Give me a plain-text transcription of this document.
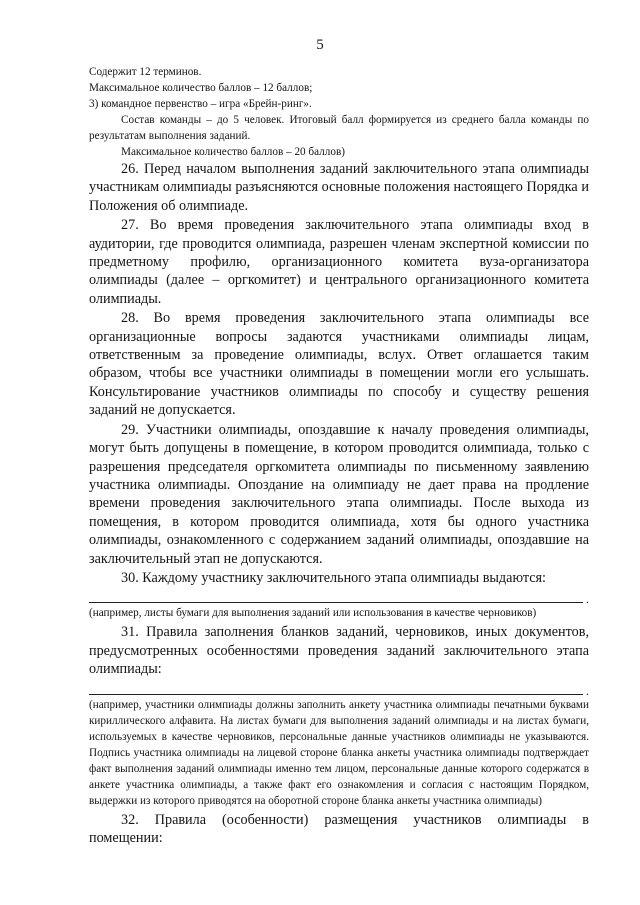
5

Содержит 12 терминов.

Максимальное количество баллов – 12 баллов;

3) командное первенство – игра «Брейн-ринг».

Состав команды – до 5 человек. Итоговый балл формируется из среднего балла команды по результатам выполнения заданий.

Максимальное количество баллов – 20 баллов)

26. Перед началом выполнения заданий заключительного этапа олимпиады участникам олимпиады разъясняются основные положения настоящего Порядка и Положения об олимпиаде.

27. Во время проведения заключительного этапа олимпиады вход в аудитории, где проводится олимпиада, разрешен членам экспертной комиссии по предметному профилю, организационного комитета вуза-организатора олимпиады (далее – оргкомитет) и центрального организационного комитета олимпиады.

28. Во время проведения заключительного этапа олимпиады все организационные вопросы задаются участниками олимпиады лицам, ответственным за проведение олимпиады, вслух. Ответ оглашается таким образом, чтобы все участники олимпиады в помещении могли его услышать. Консультирование участников олимпиады по способу и существу решения заданий не допускается.

29. Участники олимпиады, опоздавшие к началу проведения олимпиады, могут быть допущены в помещение, в котором проводится олимпиада, только с разрешения председателя оргкомитета олимпиады по письменному заявлению участника олимпиады. Опоздание на олимпиаду не дает права на продление времени проведения заключительного этапа олимпиады. После выхода из помещения, в котором проводится олимпиада, хотя бы одного участника олимпиады, ознакомленного с содержанием заданий олимпиады, опоздавшие на заключительный этап не допускаются.

30. Каждому участнику заключительного этапа олимпиады выдаются:

.

(например, листы бумаги для выполнения заданий или использования в качестве черновиков)

31. Правила заполнения бланков заданий, черновиков, иных документов, предусмотренных особенностями проведения заданий заключительного этапа олимпиады:

.

(например, участники олимпиады должны заполнить анкету участника олимпиады печатными буквами кириллического алфавита. На листах бумаги для выполнения заданий олимпиады и на листах бумаги, используемых в качестве черновиков, персональные данные участников олимпиады не указываются. Подпись участника олимпиады на лицевой стороне бланка анкеты участника олимпиады подтверждает факт выполнения заданий олимпиады именно тем лицом, персональные данные которого содержатся в анкете участника олимпиады, а также факт его ознакомления и согласия с настоящим Порядком, выдержки из которого приводятся на оборотной стороне бланка анкеты участника олимпиады)

32. Правила (особенности) размещения участников олимпиады в помещении:
